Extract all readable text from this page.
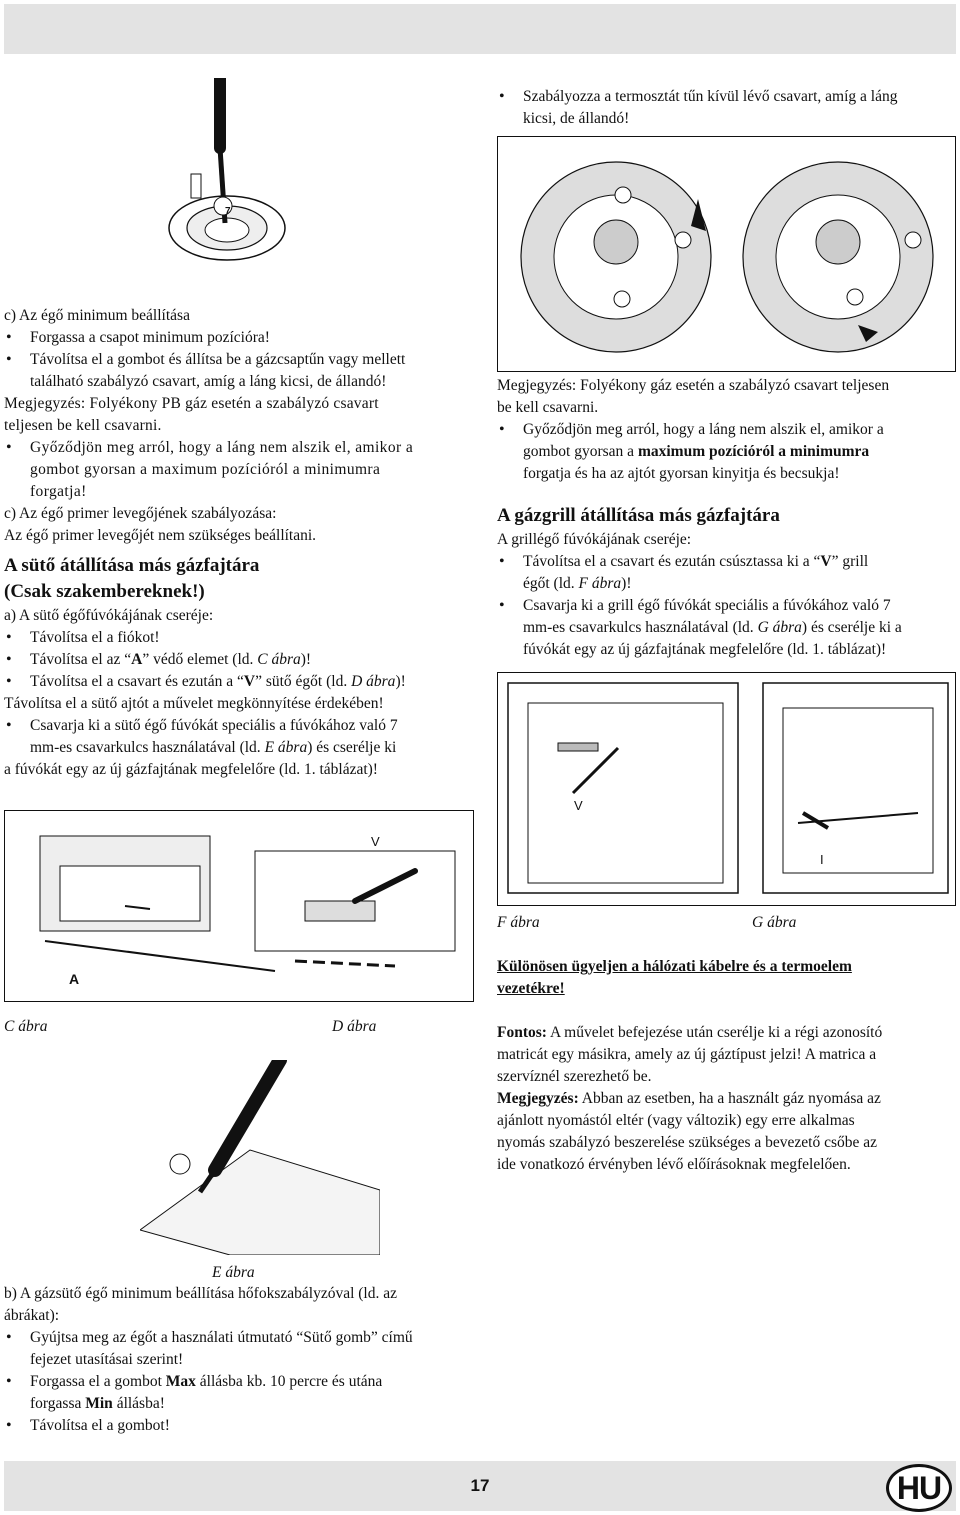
7

c) Az égő minimum beállítása

• Forgassa a csapot minimum pozícióra!

• Távolítsa el a gombot és állítsa be a gázcsaptűn vagy mellett
található szabályzó csavart, amíg a láng kicsi, de állandó!
Megjegyzés: Folyékony PB gáz esetén a szabályzó csavart
teljesen be kell csavarni.
• Győződjön meg arról, hogy a láng nem alszik el, amikor a
gombot gyorsan a maximum pozícióról a minimumra
forgatja!

c) Az égő primer levegőjének szabályozása:

Az égő primer levegőjét nem szükséges beállítani.

A sütő átállítása más gázfajtára
(Csak szakembereknek!)

a) A sütő égőfúvókájának cseréje:

• Távolítsa el a fiókot!

• Távolítsa el az “A” védő elemet (ld. C ábra)!

• Távolítsa el a csavart és ezután a “V” sütő égőt (ld. D ábra)!

Távolítsa el a sütő ajtót a művelet megkönnyítése érdekében!

• Csavarja ki a sütő égő fúvókát speciális a fúvókához való 7
mm-es csavarkulcs használatával (ld. E ábra) és cserélje ki

a fúvókát egy az új gázfajtának megfelelőre (ld. 1. táblázat)!

• Szabályozza a termosztát tűn kívül lévő csavart, amíg a láng
kicsi, de állandó!
Megjegyzés: Folyékony gáz esetén a szabályzó csavart teljesen
be kell csavarni.
• Győződjön meg arról, hogy a láng nem alszik el, amikor a
gombot gyorsan a maximum pozícióról a minimumra
forgatja és ha az ajtót gyorsan kinyitja és becsukja!
A gázgrill átállítása más gázfajtára

A grillégő fúvókájának cseréje:

• Távolítsa el a csavart és ezután csúsztassa ki a “V” grill
égőt (ld. F ábra)!
• Csavarja ki a grill égő fúvókát speciális a fúvókához való 7
mm-es csavarkulcs használatával (ld. G ábra) és cserélje ki a
fúvókát egy az új gázfajtának megfelelőre (ld. 1. táblázat)!
V
I
F ábra	G ábra
A
V
C ábra	D ábra
E ábra
Különösen ügyeljen a hálózati kábelre és a termoelem
vezetékre!
Fontos: A művelet befejezése után cserélje ki a régi azonosító
matricát egy másikra, amely az új gáztípust jelzi! A matrica a
szervíznél szerezhető be.
Megjegyzés: Abban az esetben, ha a használt gáz nyomása az
ajánlott nyomástól eltér (vagy változik) egy erre alkalmas
nyomás szabályzó beszerelése szükséges a bevezető csőbe az
ide vonatkozó érvényben lévő előírásoknak megfelelően.
b) A gázsütő égő minimum beállítása hőfokszabályzóval (ld. az
ábrákat):
• Gyújtsa meg az égőt a használati útmutató “Sütő gomb” című
fejezet utasításai szerint!
• Forgassa el a gombot Max állásba kb. 10 percre és utána
forgassa Min állásba!

• Távolítsa el a gombot!

17	HU
